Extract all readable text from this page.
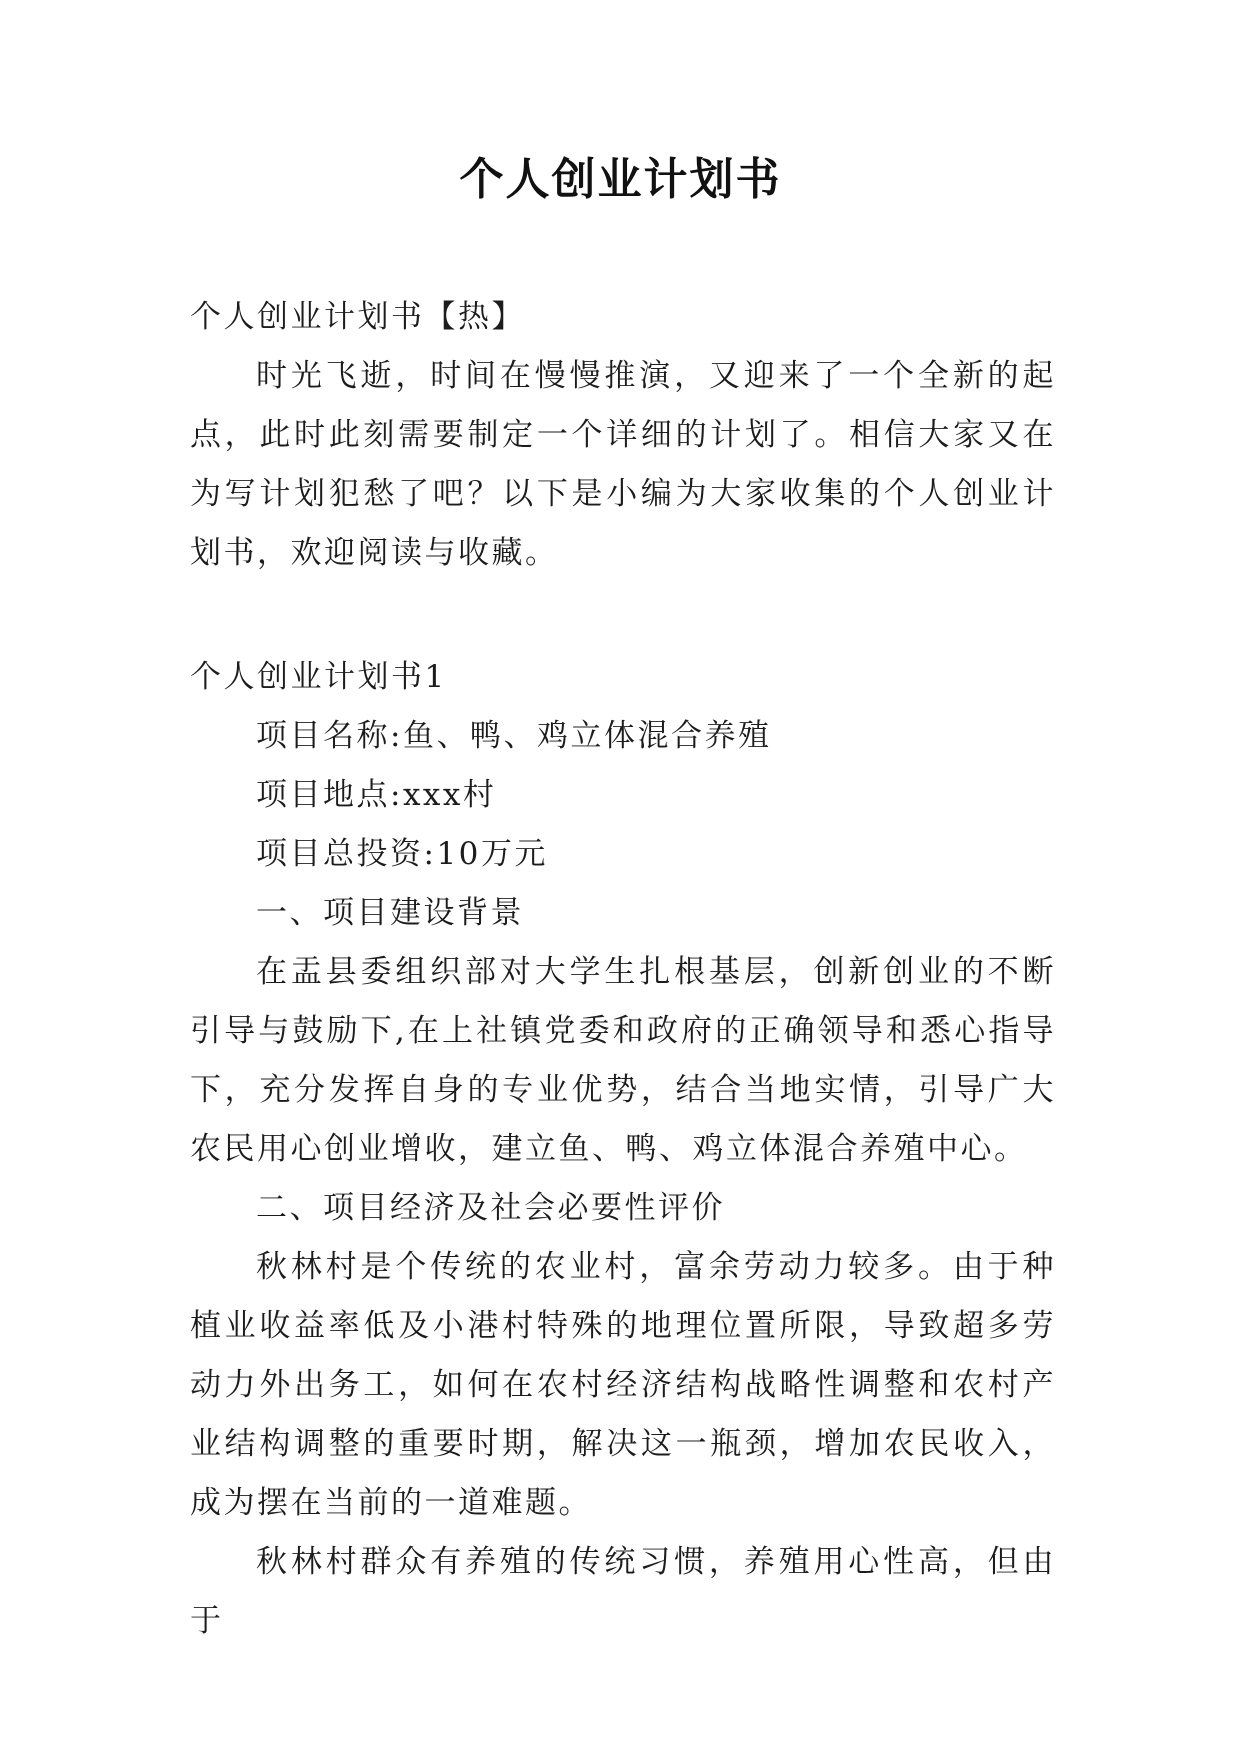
个人创业计划书

个人创业计划书【热】

时光飞逝，时间在慢慢推演，又迎来了一个全新的起点，此时此刻需要制定一个详细的计划了。相信大家又在为写计划犯愁了吧？以下是小编为大家收集的个人创业计划书，欢迎阅读与收藏。

个人创业计划书1

项目名称:鱼、鸭、鸡立体混合养殖

项目地点:xxx村

项目总投资:10万元

一、项目建设背景

在盂县委组织部对大学生扎根基层，创新创业的不断引导与鼓励下,在上社镇党委和政府的正确领导和悉心指导下，充分发挥自身的专业优势，结合当地实情，引导广大农民用心创业增收，建立鱼、鸭、鸡立体混合养殖中心。

二、项目经济及社会必要性评价

秋林村是个传统的农业村，富余劳动力较多。由于种植业收益率低及小港村特殊的地理位置所限，导致超多劳动力外出务工，如何在农村经济结构战略性调整和农村产业结构调整的重要时期，解决这一瓶颈，增加农民收入，成为摆在当前的一道难题。

秋林村群众有养殖的传统习惯，养殖用心性高，但由于
